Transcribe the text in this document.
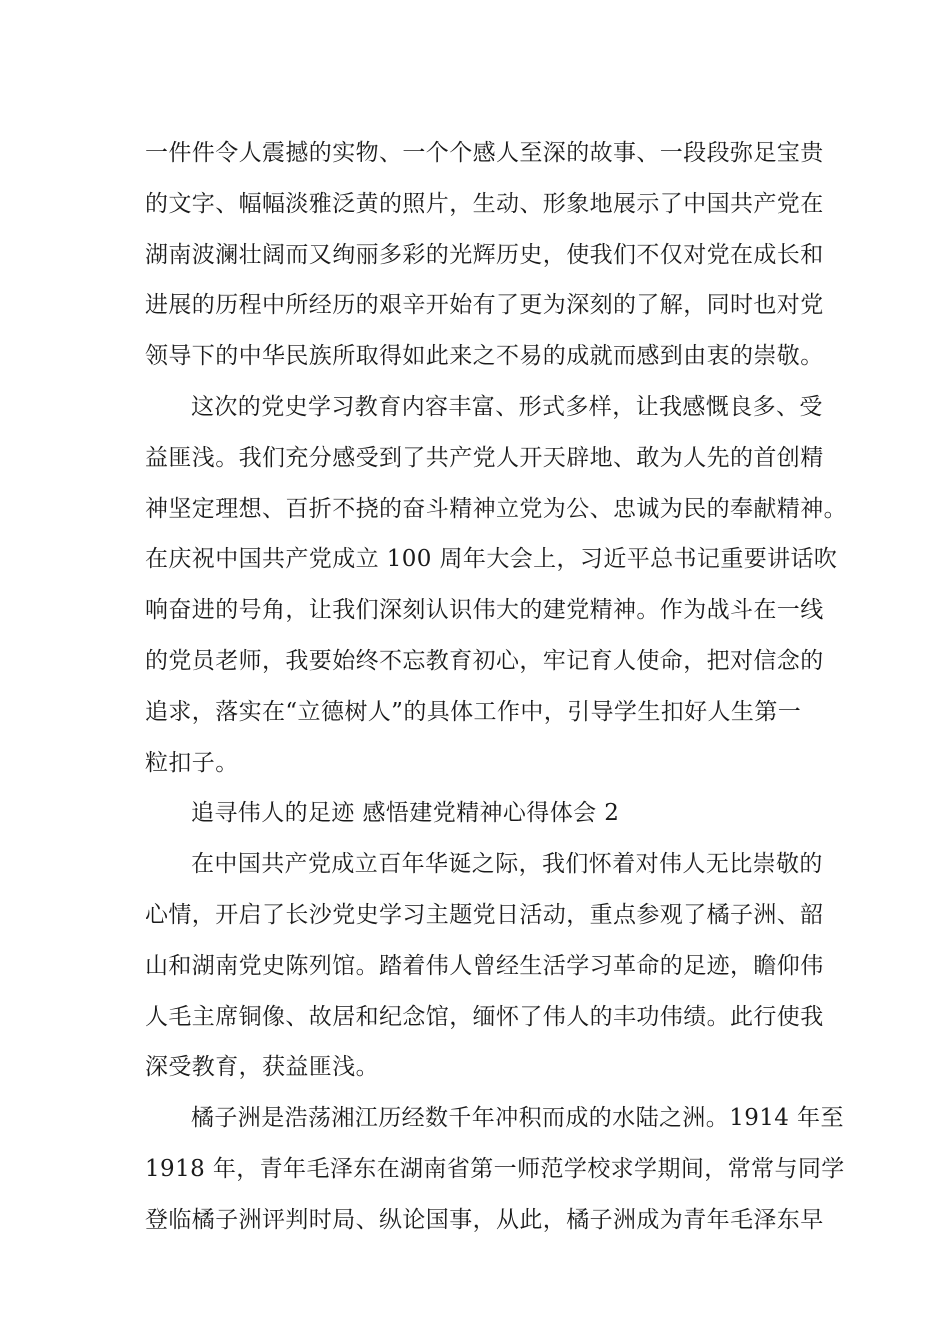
一件件令人震撼的实物、一个个感人至深的故事、一段段弥足宝贵
的文字、幅幅淡雅泛黄的照片，生动、形象地展示了中国共产党在
湖南波澜壮阔而又绚丽多彩的光辉历史，使我们不仅对党在成长和
进展的历程中所经历的艰辛开始有了更为深刻的了解，同时也对党
领导下的中华民族所取得如此来之不易的成就而感到由衷的崇敬。
这次的党史学习教育内容丰富、形式多样，让我感慨良多、受
益匪浅。我们充分感受到了共产党人开天辟地、敢为人先的首创精
神坚定理想、百折不挠的奋斗精神立党为公、忠诚为民的奉献精神。
在庆祝中国共产党成立 100 周年大会上，习近平总书记重要讲话吹
响奋进的号角，让我们深刻认识伟大的建党精神。作为战斗在一线
的党员老师，我要始终不忘教育初心，牢记育人使命，把对信念的
追求，落实在“立德树人”的具体工作中，引导学生扣好人生第一
粒扣子。
追寻伟人的足迹 感悟建党精神心得体会 2
在中国共产党成立百年华诞之际，我们怀着对伟人无比崇敬的
心情，开启了长沙党史学习主题党日活动，重点参观了橘子洲、韶
山和湖南党史陈列馆。踏着伟人曾经生活学习革命的足迹，瞻仰伟
人毛主席铜像、故居和纪念馆，缅怀了伟人的丰功伟绩。此行使我
深受教育，获益匪浅。
橘子洲是浩荡湘江历经数千年冲积而成的水陆之洲。1914 年至
1918 年，青年毛泽东在湖南省第一师范学校求学期间，常常与同学
登临橘子洲评判时局、纵论国事，从此，橘子洲成为青年毛泽东早
